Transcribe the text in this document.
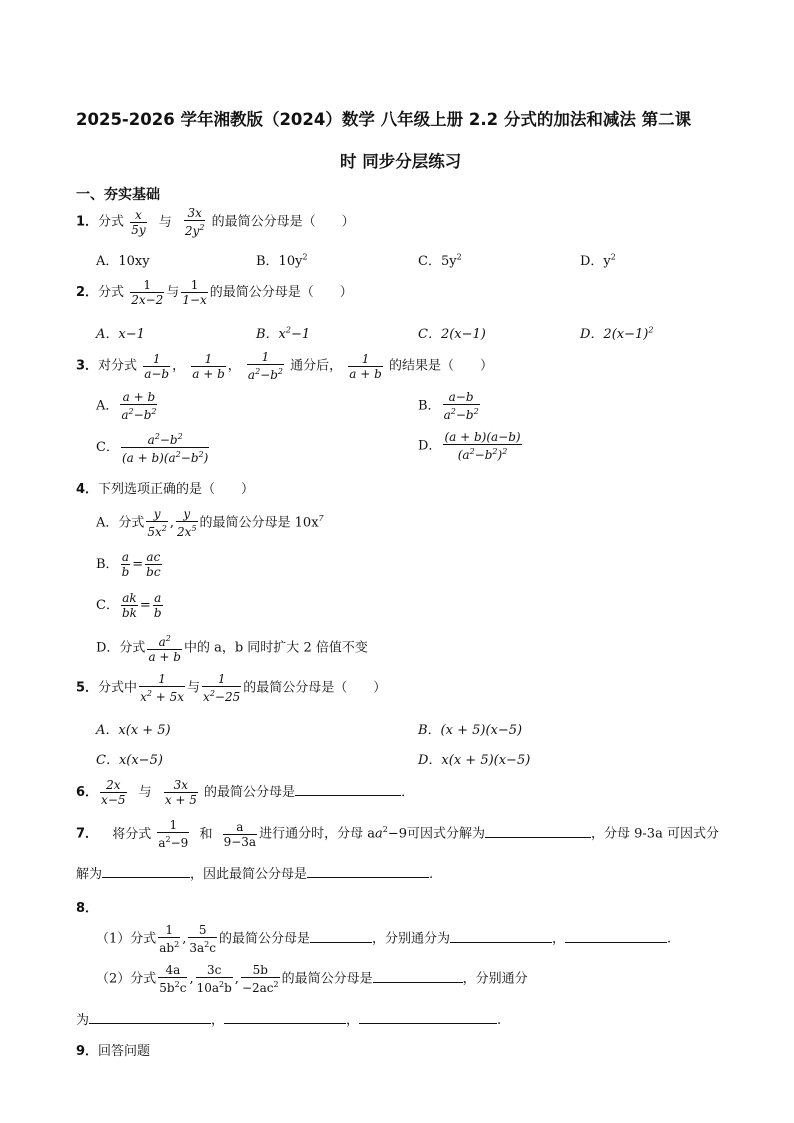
2025-2026 学年湘教版（2024）数学 八年级上册 2.2 分式的加法和减法 第二课
时 同步分层练习
一、夯实基础
1．分式 $\frac{x}{5y}$ 与 $\frac{3x}{2y^2}$ 的最简公分母是（　　）
A．10xy	B．$10y^2$	C．$5y^2$	D．$y^2$
2．分式 $\frac{1}{2x-2}$ 与 $\frac{1}{1-x}$ 的最简公分母是（　　）
A．x−1	B．$x^2-1$	C．2(x−1)	D．$2(x-1)^2$
3．对分式 $\frac{1}{a-b}$ ， $\frac{1}{a + b}$ ， $\frac{1}{a^2-b^2}$ 通分后， $\frac{1}{a + b}$ 的结果是（　　）
A． $\frac{a + b}{a^2-b^2}$	B． $\frac{a-b}{a^2-b^2}$
C． $\frac{a^2-b^2}{(a + b)(a^2-b^2)}$	D． $\frac{(a + b)(a-b)}{(a^2-b^2)^2}$
4．下列选项正确的是（　　）
A．分式 $\frac{y}{5x^2}$ , $\frac{y}{2x^5}$ 的最简公分母是 $10x^7$
B． $\frac{a}{b} = \frac{ac}{bc}$
C． $\frac{ak}{bk} = \frac{a}{b}$
D．分式 $\frac{a^2}{a + b}$ 中的 a，b 同时扩大 2 倍值不变
5．分式中 $\frac{1}{x^2 + 5x}$ 与 $\frac{1}{x^2-25}$ 的最简公分母是（　　）
A．x(x + 5)	B．(x + 5)(x−5)
C．x(x−5)	D．x(x + 5)(x−5)
6． $\frac{2x}{x-5}$ 与 $\frac{3x}{x + 5}$ 的最简公分母是	．
7． 将分式 $\frac{1}{a^2-9}$ 和 $\frac{a}{9-3a}$ 进行通分时，分母 $aa^2-9$可因式分解为	，分母 9-3a 可因式分
解为	，因此最简公分母是	.
8．
（1）分式 $\frac{1}{ab^2}$ , $\frac{5}{3a^2c}$ 的最简公分母是	，分别通分为	，	.
（2）分式 $\frac{4a}{5b^2c}$ , $\frac{3c}{10a^2b}$ , $\frac{5b}{-2ac^2}$ 的最简公分母是	，分别通分
为	，	，	.
9．回答问题
